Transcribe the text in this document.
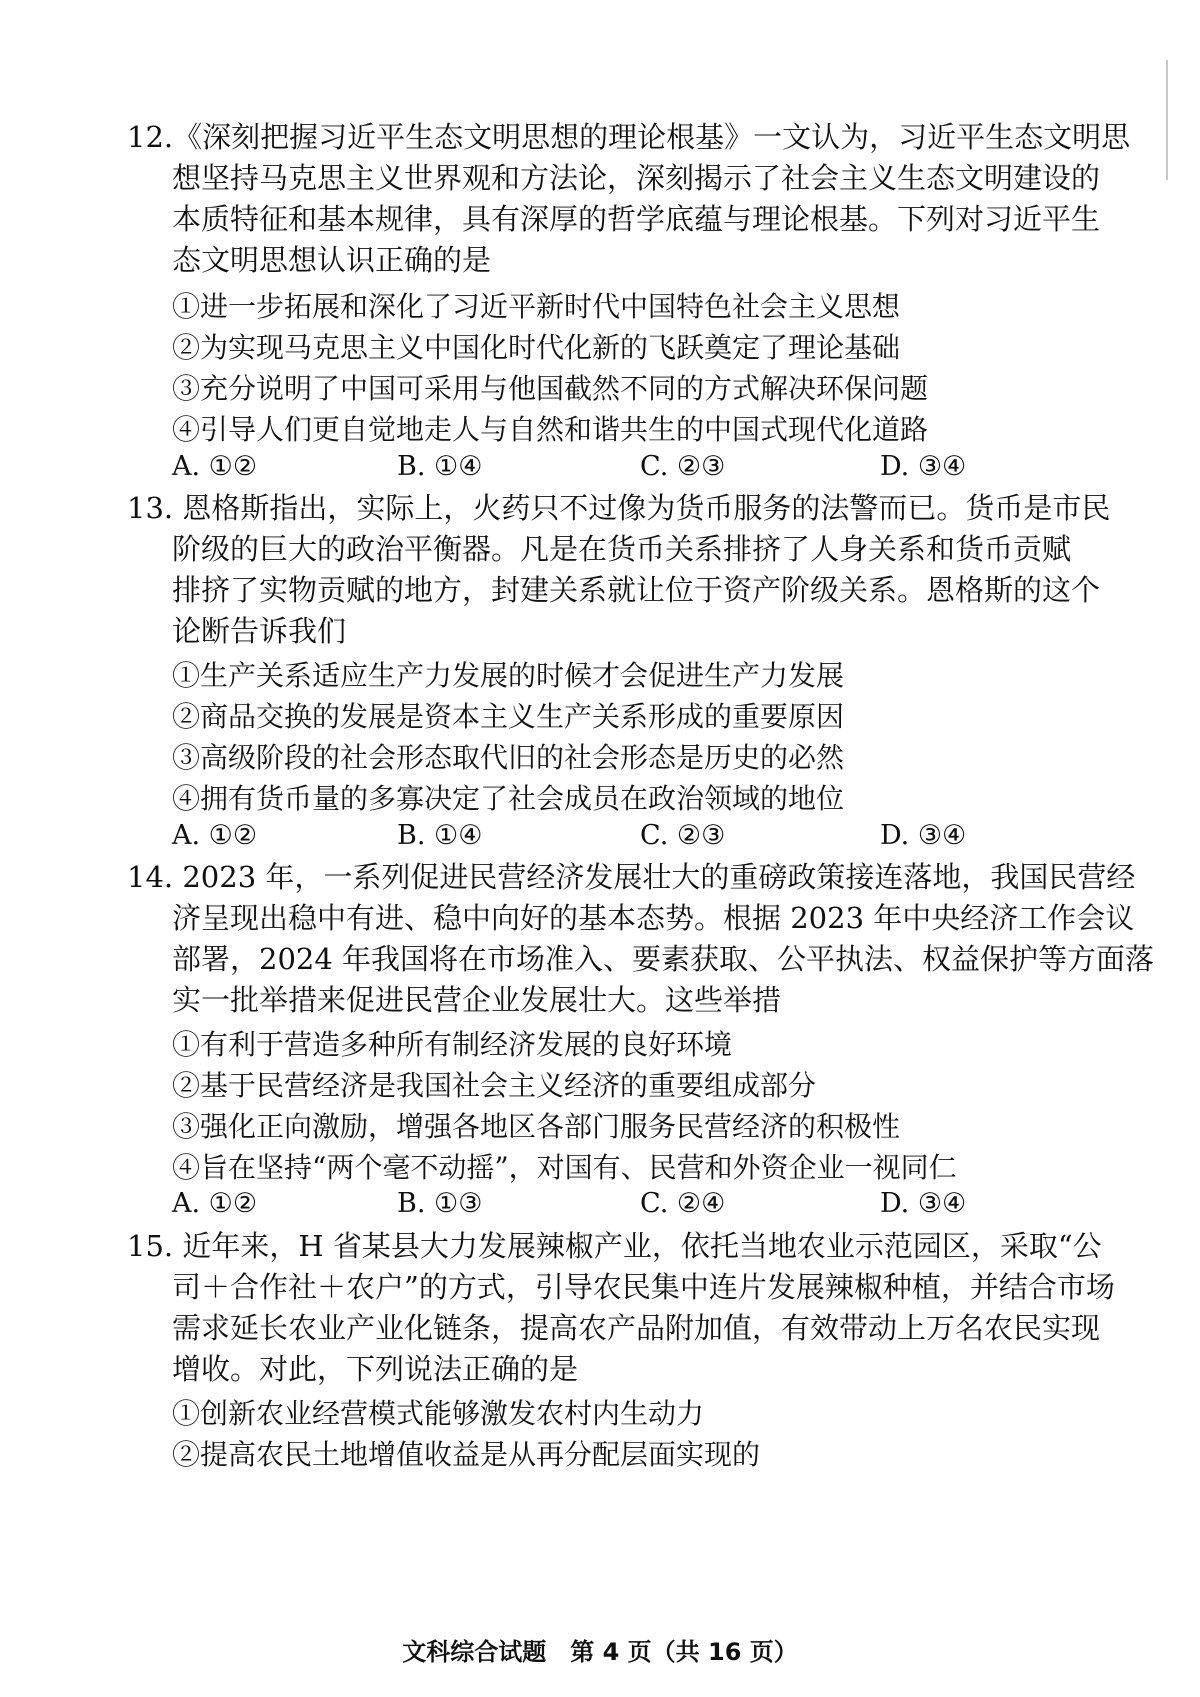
12.《深刻把握习近平生态文明思想的理论根基》一文认为，习近平生态文明思
想坚持马克思主义世界观和方法论，深刻揭示了社会主义生态文明建设的
本质特征和基本规律，具有深厚的哲学底蕴与理论根基。下列对习近平生
态文明思想认识正确的是
①进一步拓展和深化了习近平新时代中国特色社会主义思想
②为实现马克思主义中国化时代化新的飞跃奠定了理论基础
③充分说明了中国可采用与他国截然不同的方式解决环保问题
④引导人们更自觉地走人与自然和谐共生的中国式现代化道路
A. ①②	B. ①④	C. ②③	D. ③④
13. 恩格斯指出，实际上，火药只不过像为货币服务的法警而已。货币是市民
阶级的巨大的政治平衡器。凡是在货币关系排挤了人身关系和货币贡赋
排挤了实物贡赋的地方，封建关系就让位于资产阶级关系。恩格斯的这个
论断告诉我们
①生产关系适应生产力发展的时候才会促进生产力发展
②商品交换的发展是资本主义生产关系形成的重要原因
③高级阶段的社会形态取代旧的社会形态是历史的必然
④拥有货币量的多寡决定了社会成员在政治领域的地位
A. ①②	B. ①④	C. ②③	D. ③④
14. 2023 年，一系列促进民营经济发展壮大的重磅政策接连落地，我国民营经
济呈现出稳中有进、稳中向好的基本态势。根据 2023 年中央经济工作会议
部署，2024 年我国将在市场准入、要素获取、公平执法、权益保护等方面落
实一批举措来促进民营企业发展壮大。这些举措
①有利于营造多种所有制经济发展的良好环境
②基于民营经济是我国社会主义经济的重要组成部分
③强化正向激励，增强各地区各部门服务民营经济的积极性
④旨在坚持“两个毫不动摇”，对国有、民营和外资企业一视同仁
A. ①②	B. ①③	C. ②④	D. ③④
15. 近年来，H 省某县大力发展辣椒产业，依托当地农业示范园区，采取“公
司＋合作社＋农户”的方式，引导农民集中连片发展辣椒种植，并结合市场
需求延长农业产业化链条，提高农产品附加值，有效带动上万名农民实现
增收。对此，下列说法正确的是
①创新农业经营模式能够激发农村内生动力
②提高农民土地增值收益是从再分配层面实现的
文科综合试题　第 4 页（共 16 页）
